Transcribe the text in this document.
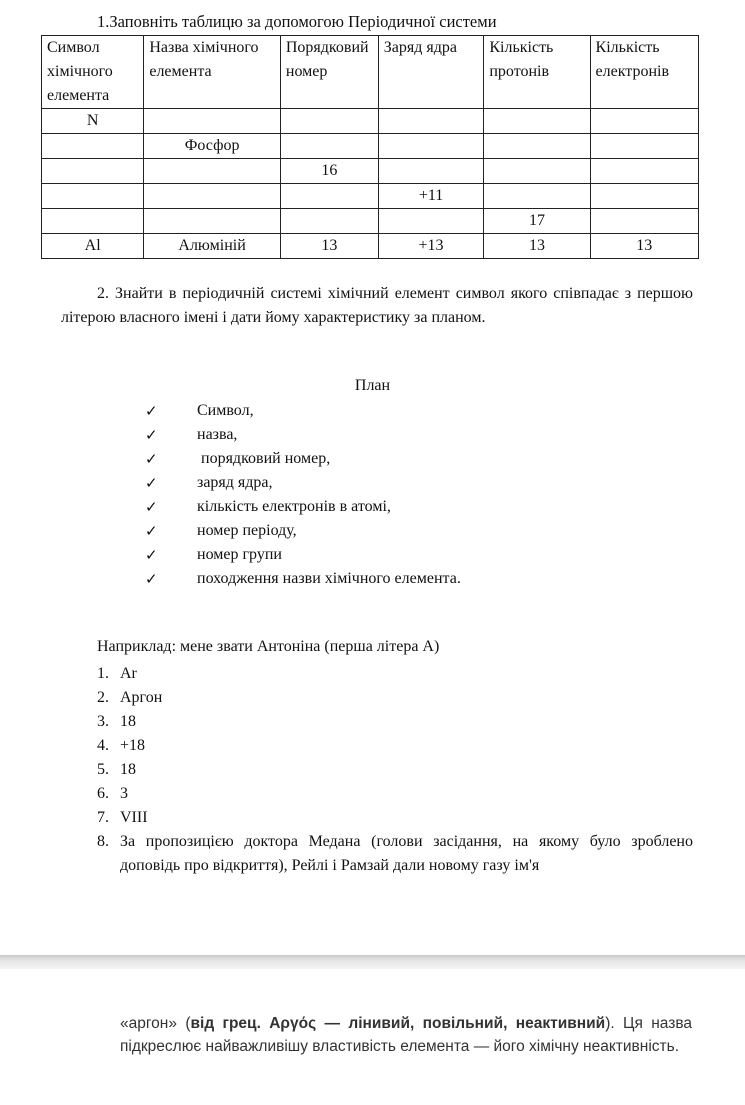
1.Заповніть таблицю за допомогою Періодичної системи
Символ хімічного елемента	Назва хімічного елемента	Порядковий номер	Заряд ядра	Кількість протонів	Кількість електронів
N					
	Фосфор				
		16			
			+11		
				17	
Al	Алюміній	13	+13	13	13
2. Знайти в періодичній системі хімічний елемент символ якого співпадає з першою літерою власного імені і дати йому характеристику за планом.
План
✓	Символ,
✓	назва,
✓	порядковий номер,
✓	заряд ядра,
✓	кількість електронів в атомі,
✓	номер періоду,
✓	номер групи
✓	походження назви хімічного елемента.
Наприклад: мене звати Антоніна (перша літера А)
1. Ar
2. Аргон
3. 18
4. +18
5. 18
6. 3
7. VIII
8. За пропозицією доктора Медана (голови засідання, на якому було зроблено доповідь про відкриття), Рейлі і Рамзай дали новому газу ім'я
«аргон» (від грец. Αργός — лінивий, повільний, неактивний). Ця назва підкреслює найважливішу властивість елемента — його хімічну неактивність.
